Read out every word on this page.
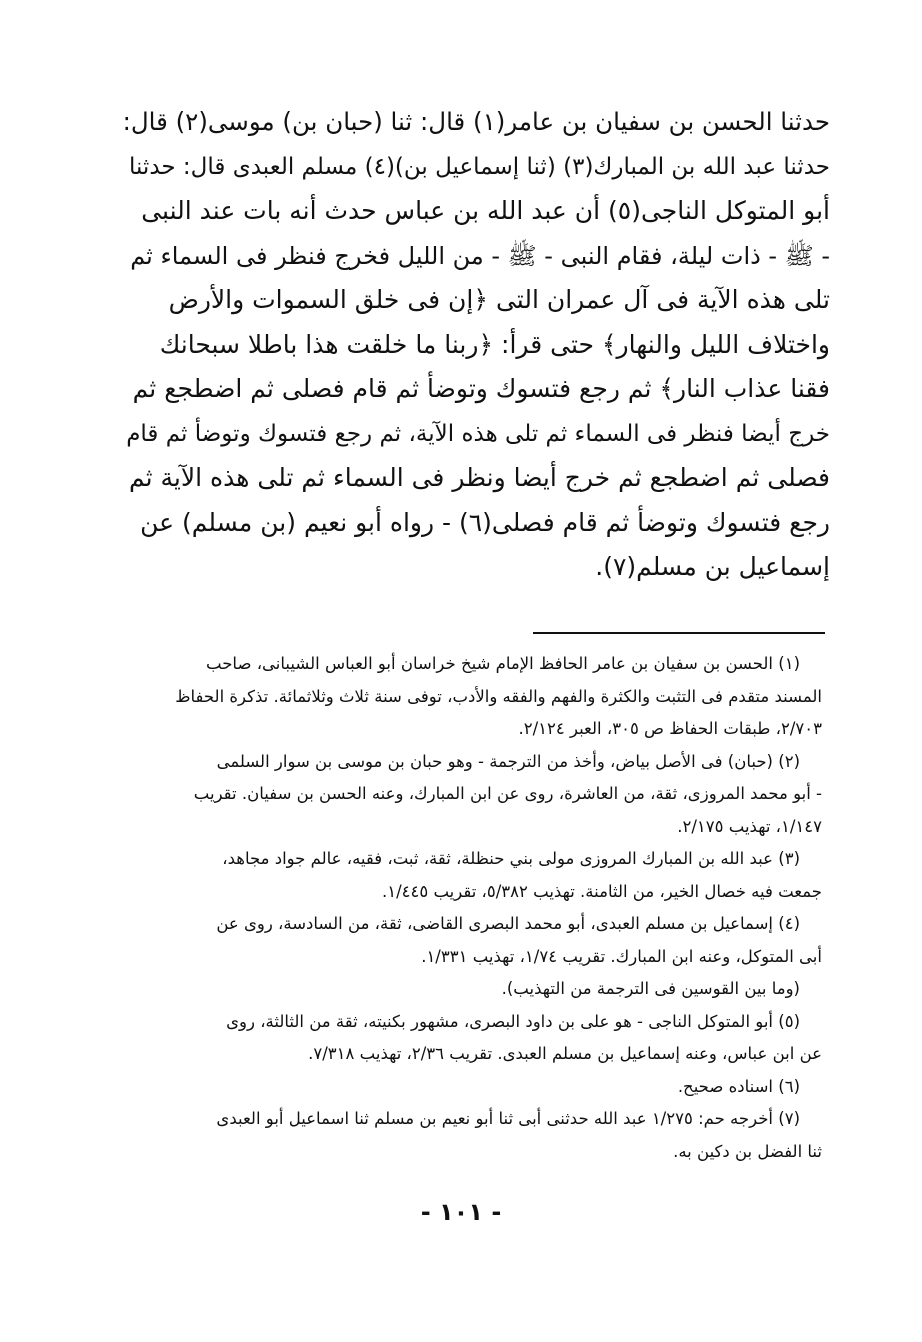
حدثنا الحسن بن سفيان بن عامر(١) قال: ثنا (حبان بن) موسى(٢) قال:
حدثنا عبد الله بن المبارك(٣) (ثنا إسماعيل بن)(٤) مسلم العبدى قال: حدثنا
أبو المتوكل الناجى(٥) أن عبد الله بن عباس حدث أنه بات عند النبى
- ﷺ - ذات ليلة، فقام النبى - ﷺ - من الليل فخرج فنظر فى السماء ثم
تلى هذه الآية فى آل عمران التى ﴿إن فى خلق السموات والأرض
واختلاف الليل والنهار﴾ حتى قرأ: ﴿ربنا ما خلقت هذا باطلا سبحانك
فقنا عذاب النار﴾ ثم رجع فتسوك وتوضأ ثم قام فصلى ثم اضطجع ثم
خرج أيضا فنظر فى السماء ثم تلى هذه الآية، ثم رجع فتسوك وتوضأ ثم قام
فصلى ثم اضطجع ثم خرج أيضا ونظر فى السماء ثم تلى هذه الآية ثم
رجع فتسوك وتوضأ ثم قام فصلى(٦) - رواه أبو نعيم (بن مسلم) عن
إسماعيل بن مسلم(٧).
(١) الحسن بن سفيان بن عامر الحافظ الإمام شيخ خراسان أبو العباس الشيبانى، صاحب
المسند متقدم فى التثبت والكثرة والفهم والفقه والأدب، توفى سنة ثلاث وثلاثمائة. تذكرة الحفاظ
٢/٧٠٣، طبقات الحفاظ ص ٣٠٥، العبر ٢/١٢٤.
(٢) (حبان) فى الأصل بياض، وأخذ من الترجمة - وهو حبان بن موسى بن سوار السلمى
- أبو محمد المروزى، ثقة، من العاشرة، روى عن ابن المبارك، وعنه الحسن بن سفيان. تقريب
١/١٤٧، تهذيب ٢/١٧٥.
(٣) عبد الله بن المبارك المروزى مولى بني حنظلة، ثقة، ثبت، فقيه، عالم جواد مجاهد،
جمعت فيه خصال الخير، من الثامنة. تهذيب ٥/٣٨٢، تقريب ١/٤٤٥.
(٤) إسماعيل بن مسلم العبدى، أبو محمد البصرى القاضى، ثقة، من السادسة، روى عن
أبى المتوكل، وعنه ابن المبارك. تقريب ١/٧٤، تهذيب ١/٣٣١.
(وما بين القوسين فى الترجمة من التهذيب).
(٥) أبو المتوكل الناجى - هو على بن داود البصرى، مشهور بكنيته، ثقة من الثالثة، روى
عن ابن عباس، وعنه إسماعيل بن مسلم العبدى. تقريب ٢/٣٦، تهذيب ٧/٣١٨.
(٦) اسناده صحيح.
(٧) أخرجه حم: ١/٢٧٥ عبد الله حدثنى أبى ثنا أبو نعيم بن مسلم ثنا اسماعيل أبو العبدى
ثنا الفضل بن دكين به.
- ١٠١ -
